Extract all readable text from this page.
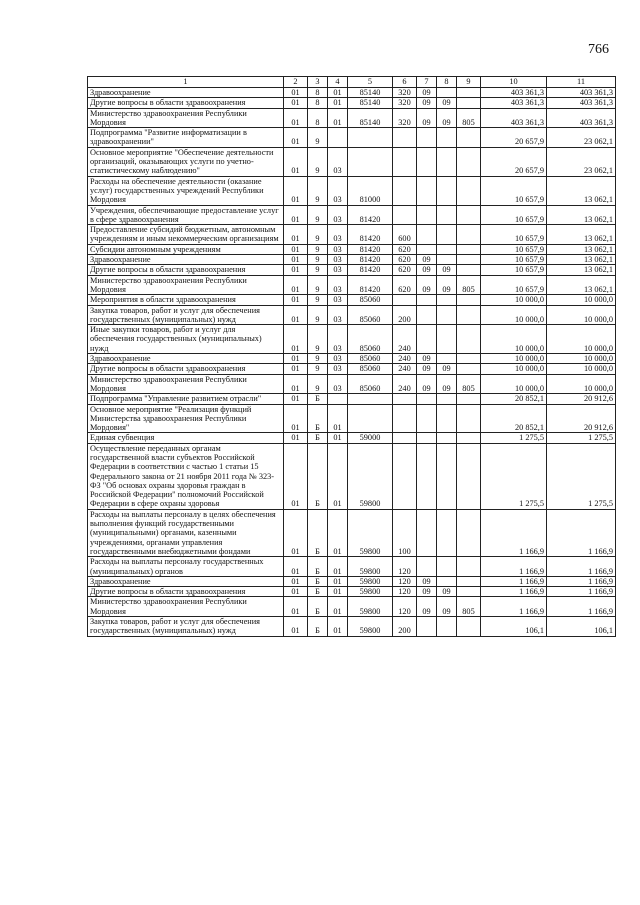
766
1	2	3	4	5	6	7	8	9	10	11
Здравоохранение	01	8	01	85140	320	09			403 361,3	403 361,3
Другие вопросы в области здравоохранения	01	8	01	85140	320	09	09		403 361,3	403 361,3
Министерство здравоохранения Республики Мордовия	01	8	01	85140	320	09	09	805	403 361,3	403 361,3
Подпрограмма "Развитие информатизации в здравоохранении"	01	9							20 657,9	23 062,1
Основное мероприятие "Обеспечение деятельности организаций, оказывающих услуги по учетно-статистическому наблюдению"	01	9	03						20 657,9	23 062,1
Расходы на обеспечение деятельности (оказание услуг) государственных учреждений Республики Мордовия	01	9	03	81000					10 657,9	13 062,1
Учреждения, обеспечивающие предоставление услуг в сфере здравоохранения	01	9	03	81420					10 657,9	13 062,1
Предоставление субсидий бюджетным, автономным учреждениям и иным некоммерческим организациям	01	9	03	81420	600				10 657,9	13 062,1
Субсидии автономным учреждениям	01	9	03	81420	620				10 657,9	13 062,1
Здравоохранение	01	9	03	81420	620	09			10 657,9	13 062,1
Другие вопросы в области здравоохранения	01	9	03	81420	620	09	09		10 657,9	13 062,1
Министерство здравоохранения Республики Мордовия	01	9	03	81420	620	09	09	805	10 657,9	13 062,1
Мероприятия в области здравоохранения	01	9	03	85060					10 000,0	10 000,0
Закупка товаров, работ и услуг для обеспечения государственных (муниципальных) нужд	01	9	03	85060	200				10 000,0	10 000,0
Иные закупки товаров, работ и услуг для обеспечения государственных (муниципальных) нужд	01	9	03	85060	240				10 000,0	10 000,0
Здравоохранение	01	9	03	85060	240	09			10 000,0	10 000,0
Другие вопросы в области здравоохранения	01	9	03	85060	240	09	09		10 000,0	10 000,0
Министерство здравоохранения Республики Мордовия	01	9	03	85060	240	09	09	805	10 000,0	10 000,0
Подпрограмма "Управление развитием отрасли"	01	Б							20 852,1	20 912,6
Основное мероприятие "Реализация функций Министерства здравоохранения Республики Мордовия"	01	Б	01						20 852,1	20 912,6
Единая субвенция	01	Б	01	59000					1 275,5	1 275,5
Осуществление переданных органам государственной власти субъектов Российской Федерации в соответствии с частью 1 статьи 15 Федерального закона от 21 ноября 2011 года № 323-ФЗ "Об основах охраны здоровья граждан в Российской Федерации" полномочий Российской Федерации в сфере охраны здоровья	01	Б	01	59800					1 275,5	1 275,5
Расходы на выплаты персоналу в целях обеспечения выполнения функций государственными (муниципальными) органами, казенными учреждениями, органами управления государственными внебюджетными фондами	01	Б	01	59800	100				1 166,9	1 166,9
Расходы на выплаты персоналу государственных (муниципальных) органов	01	Б	01	59800	120				1 166,9	1 166,9
Здравоохранение	01	Б	01	59800	120	09			1 166,9	1 166,9
Другие вопросы в области здравоохранения	01	Б	01	59800	120	09	09		1 166,9	1 166,9
Министерство здравоохранения Республики Мордовия	01	Б	01	59800	120	09	09	805	1 166,9	1 166,9
Закупка товаров, работ и услуг для обеспечения государственных (муниципальных) нужд	01	Б	01	59800	200				106,1	106,1
